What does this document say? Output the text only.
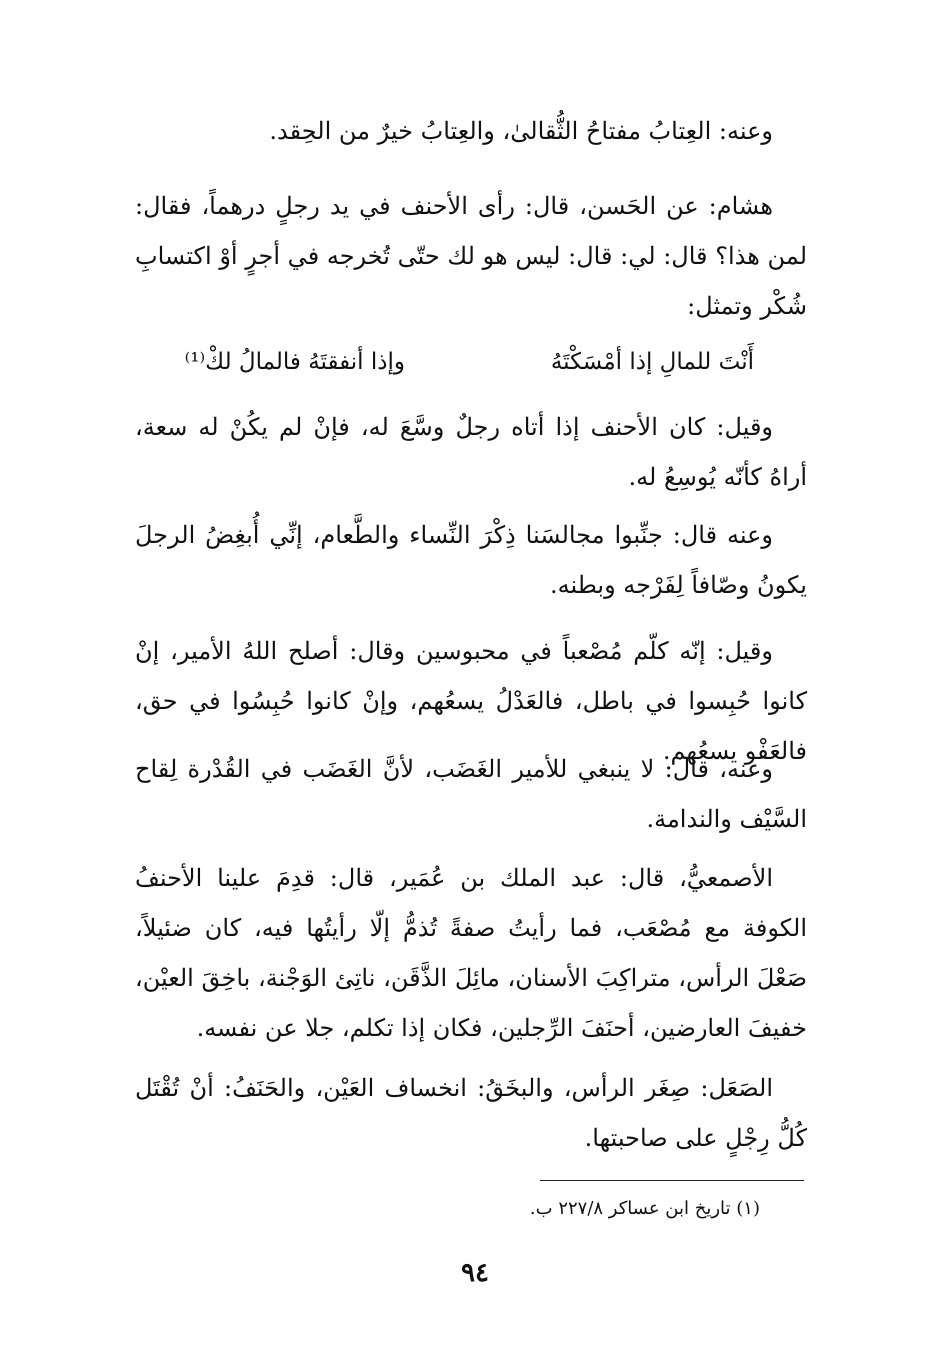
وعنه: العِتابُ مفتاحُ الثُّقالىٰ، والعِتابُ خيرٌ من الحِقد.
هشام: عن الحَسن، قال: رأى الأحنف في يد رجلٍ درهماً، فقال: لمن هذا؟ قال: لي: قال: ليس هو لك حتّى تُخرجه في أجرٍ أوْ اكتسابِ شُكْر وتمثل:
أَنْتَ للمالِ إذا أمْسَكْتَهُ
وإذا أنفقتَهُ فالمالُ لكْ⁽¹⁾
وقيل: كان الأحنف إذا أتاه رجلٌ وسَّعَ له، فإنْ لم يكُنْ له سعة، أراهُ كأنّه يُوسِعُ له.
وعنه قال: جنِّبوا مجالسَنا ذِكْرَ النِّساء والطَّعام، إنِّي أُبغِضُ الرجلَ يكونُ وصّافاً لِفَرْجه وبطنه.
وقيل: إنّه كلّم مُصْعباً في محبوسين وقال: أصلح اللهُ الأمير، إنْ كانوا حُبِسوا في باطل، فالعَدْلُ يسعُهم، وإنْ كانوا حُبِسُوا في حق، فالعَفْو يسعُهم.
وعنه، قال: لا ينبغي للأمير الغَضَب، لأنَّ الغَضَب في القُدْرة لِقاح السَّيْف والندامة.
الأصمعيُّ، قال: عبد الملك بن عُمَير، قال: قدِمَ علينا الأحنفُ الكوفة مع مُصْعَب، فما رأيتُ صفةً تُذمُّ إلّا رأيتُها فيه، كان ضئيلاً، صَعْلَ الرأس، متراكِبَ الأسنان، مائِلَ الذَّقَن، ناتِئ الوَجْنة، باخِقَ العيْن، خفيفَ العارضين، أحنَفَ الرِّجلين، فكان إذا تكلم، جلا عن نفسه.
الصَعَل: صِغَر الرأس، والبخَقُ: انخساف العَيْن، والحَنَفُ: أنْ تُقْتَل كُلُّ رِجْلٍ على صاحبتها.
(١) تاريخ ابن عساكر ٢٢٧/٨ ب.
٩٤
